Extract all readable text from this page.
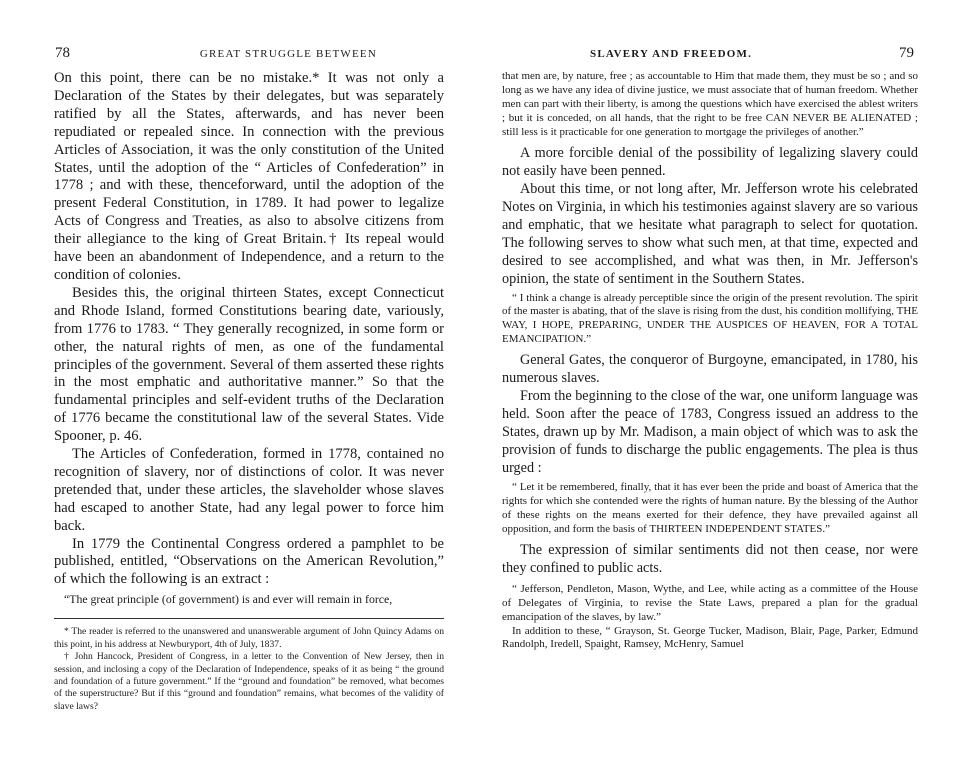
78	GREAT STRUGGLE BETWEEN

On this point, there can be no mistake.* It was not only a Declaration of the States by their delegates, but was separately ratified by all the States, afterwards, and has never been repudiated or repealed since. In connection with the previous Articles of Association, it was the only constitution of the United States, until the adoption of the “ Articles of Confederation” in 1778 ; and with these, thenceforward, until the adoption of the present Federal Constitution, in 1789. It had power to legalize Acts of Congress and Treaties, as also to absolve citizens from their allegiance to the king of Great Britain.† Its repeal would have been an abandonment of Independence, and a return to the condition of colonies.

Besides this, the original thirteen States, except Connecticut and Rhode Island, formed Constitutions bearing date, variously, from 1776 to 1783. “ They generally recognized, in some form or other, the natural rights of men, as one of the fundamental principles of the government. Several of them asserted these rights in the most emphatic and authoritative manner.” So that the fundamental principles and self-evident truths of the Declaration of 1776 became the constitutional law of the several States. Vide Spooner, p. 46.

The Articles of Confederation, formed in 1778, contained no recognition of slavery, nor of distinctions of color. It was never pretended that, under these articles, the slaveholder whose slaves had escaped to another State, had any legal power to force him back.

In 1779 the Continental Congress ordered a pamphlet to be published, entitled, “Observations on the American Revolution,” of which the following is an extract :

“The great principle (of government) is and ever will remain in force,

* The reader is referred to the unanswered and unanswerable argument of John Quincy Adams on this point, in his address at Newburyport, 4th of July, 1837.

† John Hancock, President of Congress, in a letter to the Convention of New Jersey, then in session, and inclosing a copy of the Declaration of Independence, speaks of it as being “ the ground and foundation of a future government.” If the “ground and foundation” be removed, what becomes of the superstructure? But if this “ground and foundation” remains, what becomes of the validity of slave laws?

SLAVERY AND FREEDOM.	79

that men are, by nature, free ; as accountable to Him that made them, they must be so ; and so long as we have any idea of divine justice, we must associate that of human freedom. Whether men can part with their liberty, is among the questions which have exercised the ablest writers ; but it is conceded, on all hands, that the right to be free CAN NEVER BE ALIENATED ; still less is it practicable for one generation to mortgage the privileges of another.”

A more forcible denial of the possibility of legalizing slavery could not easily have been penned.

About this time, or not long after, Mr. Jefferson wrote his celebrated Notes on Virginia, in which his testimonies against slavery are so various and emphatic, that we hesitate what paragraph to select for quotation. The following serves to show what such men, at that time, expected and desired to see accomplished, and what was then, in Mr. Jefferson's opinion, the state of sentiment in the Southern States.

“ I think a change is already perceptible since the origin of the present revolution. The spirit of the master is abating, that of the slave is rising from the dust, his condition mollifying, THE WAY, I HOPE, PREPARING, UNDER THE AUSPICES OF HEAVEN, FOR A TOTAL EMANCIPATION.”

General Gates, the conqueror of Burgoyne, emancipated, in 1780, his numerous slaves.

From the beginning to the close of the war, one uniform language was held. Soon after the peace of 1783, Congress issued an address to the States, drawn up by Mr. Madison, a main object of which was to ask the provision of funds to discharge the public engagements. The plea is thus urged :

“ Let it be remembered, finally, that it has ever been the pride and boast of America that the rights for which she contended were the rights of human nature. By the blessing of the Author of these rights on the means exerted for their defence, they have prevailed against all opposition, and form the basis of THIRTEEN INDEPENDENT STATES.”

The expression of similar sentiments did not then cease, nor were they confined to public acts.

“ Jefferson, Pendleton, Mason, Wythe, and Lee, while acting as a committee of the House of Delegates of Virginia, to revise the State Laws, prepared a plan for the gradual emancipation of the slaves, by law.”

In addition to these, “ Grayson, St. George Tucker, Madison, Blair, Page, Parker, Edmund Randolph, Iredell, Spaight, Ramsey, McHenry, Samuel
